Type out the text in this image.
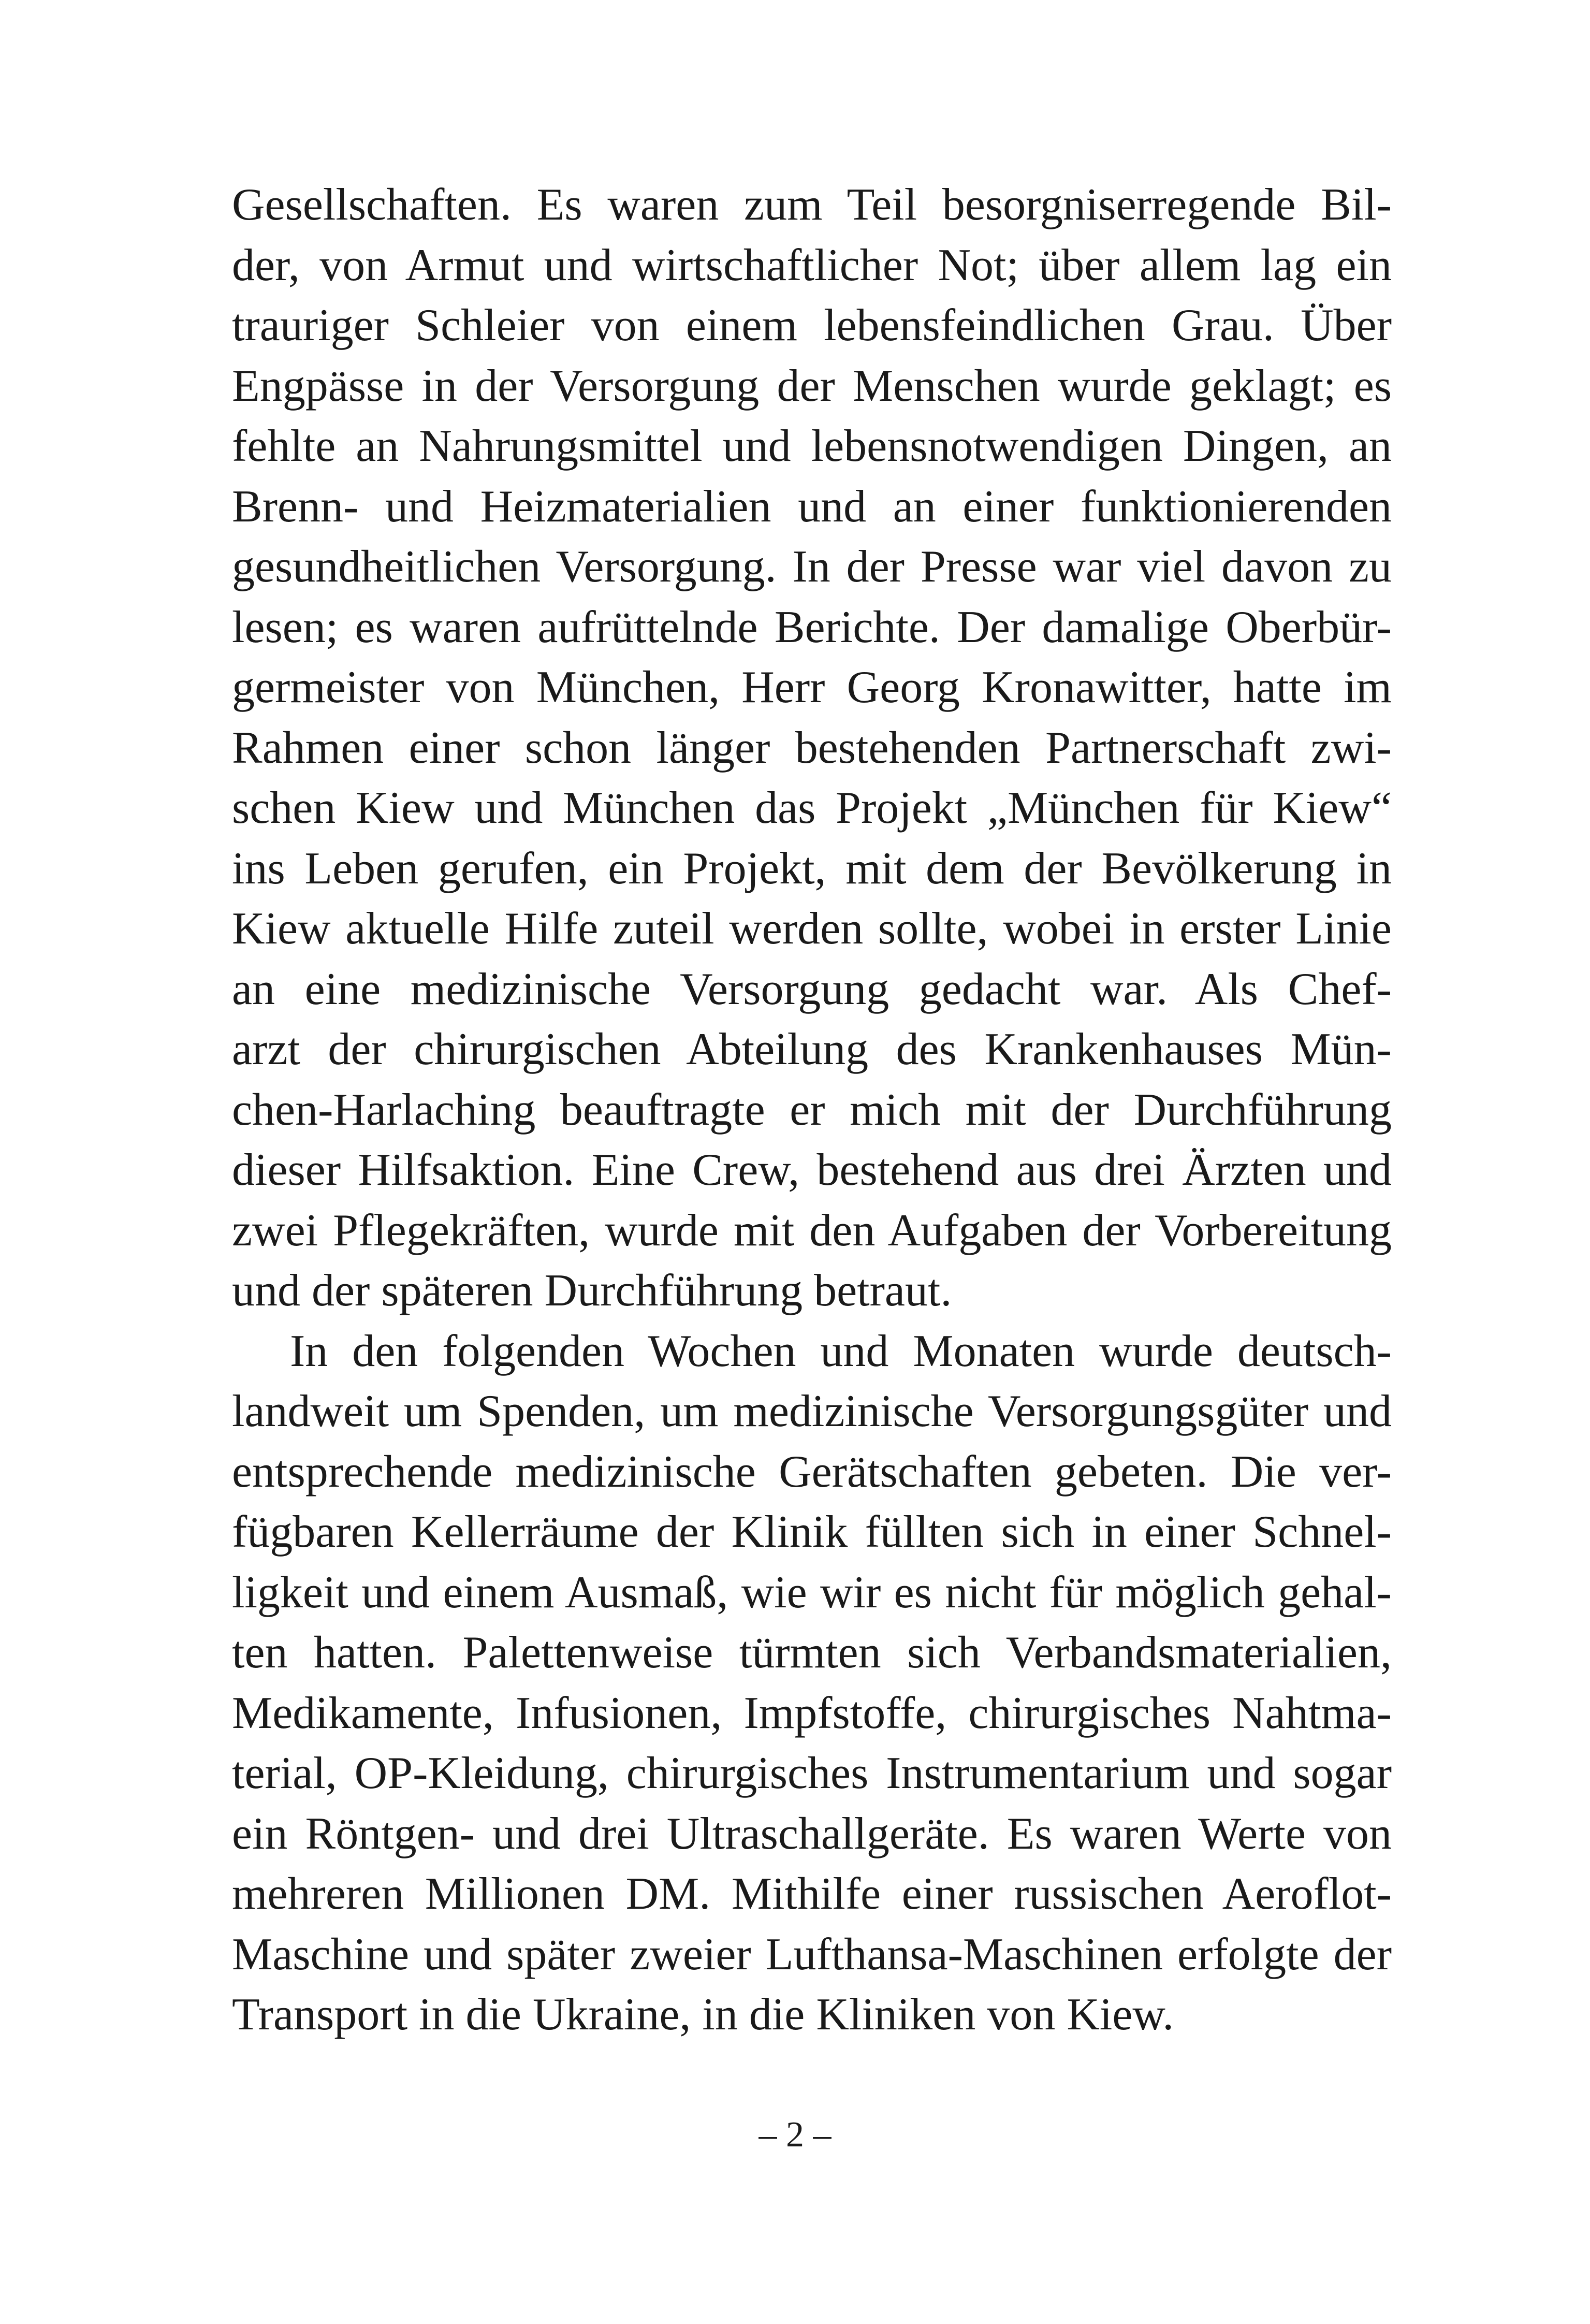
Gesellschaften. Es waren zum Teil besorgniserregende Bil-
der, von Armut und wirtschaftlicher Not; über allem lag ein
trauriger Schleier von einem lebensfeindlichen Grau. Über
Engpässe in der Versorgung der Menschen wurde geklagt; es
fehlte an Nahrungsmittel und lebensnotwendigen Dingen, an
Brenn- und Heizmaterialien und an einer funktionierenden
gesundheitlichen Versorgung. In der Presse war viel davon zu
lesen; es waren aufrüttelnde Berichte. Der damalige Oberbür-
germeister von München, Herr Georg Kronawitter, hatte im
Rahmen einer schon länger bestehenden Partnerschaft zwi-
schen Kiew und München das Projekt „München für Kiew“
ins Leben gerufen, ein Projekt, mit dem der Bevölkerung in
Kiew aktuelle Hilfe zuteil werden sollte, wobei in erster Linie
an eine medizinische Versorgung gedacht war. Als Chef-
arzt der chirurgischen Abteilung des Krankenhauses Mün-
chen-Harlaching beauftragte er mich mit der Durchführung
dieser Hilfsaktion. Eine Crew, bestehend aus drei Ärzten und
zwei Pflegekräften, wurde mit den Aufgaben der Vorbereitung
und der späteren Durchführung betraut.
In den folgenden Wochen und Monaten wurde deutsch-
landweit um Spenden, um medizinische Versorgungsgüter und
entsprechende medizinische Gerätschaften gebeten. Die ver-
fügbaren Kellerräume der Klinik füllten sich in einer Schnel-
ligkeit und einem Ausmaß, wie wir es nicht für möglich gehal-
ten hatten. Palettenweise türmten sich Verbandsmaterialien,
Medikamente, Infusionen, Impfstoffe, chirurgisches Nahtma-
terial, OP-Kleidung, chirurgisches Instrumentarium und sogar
ein Röntgen- und drei Ultraschallgeräte. Es waren Werte von
mehreren Millionen DM. Mithilfe einer russischen Aeroflot-
Maschine und später zweier Lufthansa-Maschinen erfolgte der
Transport in die Ukraine, in die Kliniken von Kiew.
– 2 –
